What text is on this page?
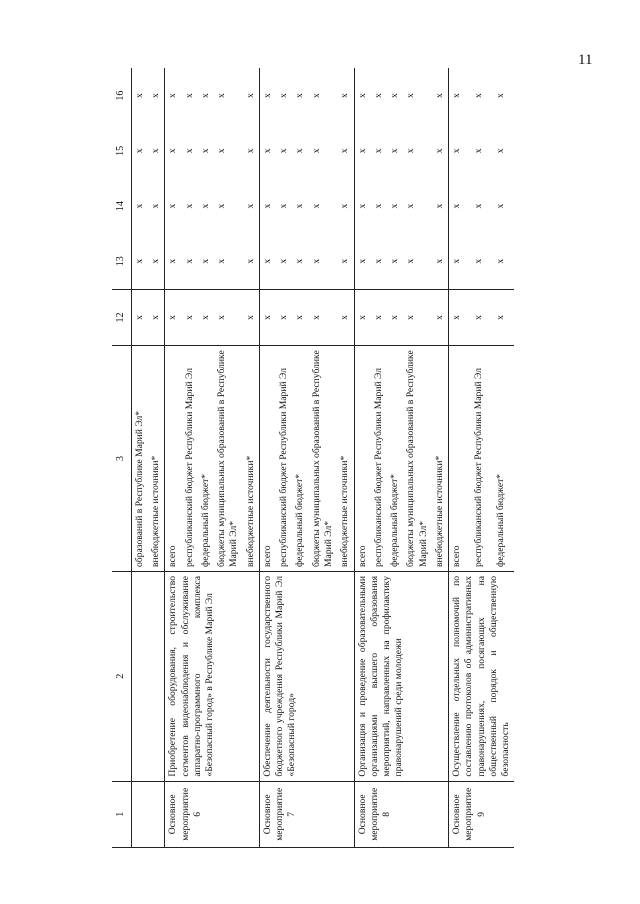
11
1	2	3	12	13	14	15	16
		образований в Республике Марий Эл*	x	x	x	x	x
		внебюджетные источники*	x	x	x	x	x
Основное мероприятие 6	Приобретение оборудования, строительство сегментов видеонаблюдения и обслуживание аппаратно-программного комплекса «Безопасный город» в Республике Марий Эл	всего	x	x	x	x	x
		республиканский бюджет Республики Марий Эл	x	x	x	x	x
		федеральный бюджет*	x	x	x	x	x
		бюджеты муниципальных образований в Республике Марий Эл*	x	x	x	x	x
		внебюджетные источники*	x	x	x	x	x
Основное мероприятие 7	Обеспечение деятельности государственного бюджетного учреждения Республики Марий Эл «Безопасный город»	всего	x	x	x	x	x
		республиканский бюджет Республики Марий Эл	x	x	x	x	x
		федеральный бюджет*	x	x	x	x	x
		бюджеты муниципальных образований в Республике Марий Эл*	x	x	x	x	x
		внебюджетные источники*	x	x	x	x	x
Основное мероприятие 8	Организация и проведение образовательными организациями высшего образования мероприятий, направленных на профилактику правонарушений среди молодежи	всего	x	x	x	x	x
		республиканский бюджет Республики Марий Эл	x	x	x	x	x
		федеральный бюджет*	x	x	x	x	x
		бюджеты муниципальных образований в Республике Марий Эл*	x	x	x	x	x
		внебюджетные источники*	x	x	x	x	x
Основное мероприятие 9	Осуществление отдельных полномочий по составлению протоколов об административных правонарушениях, посягающих на общественный порядок и общественную безопасность	всего	x	x	x	x	x
		республиканский бюджет Республики Марий Эл	x	x	x	x	x
		федеральный бюджет*	x	x	x	x	x
